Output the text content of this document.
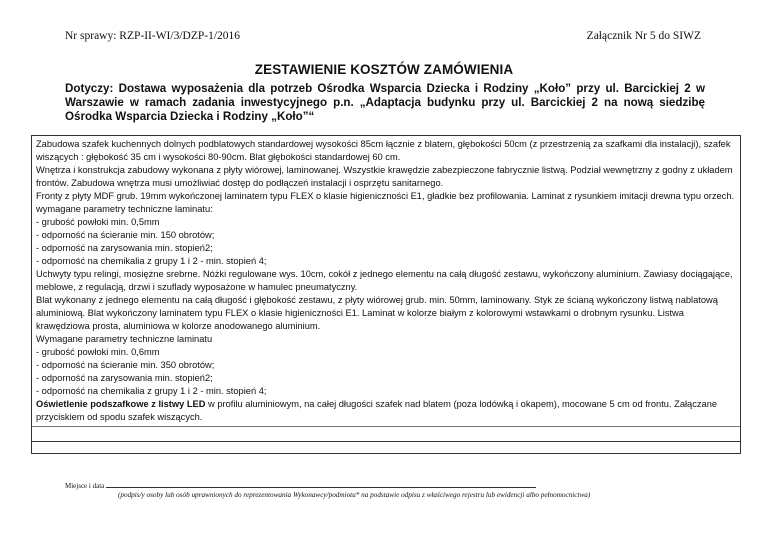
Nr sprawy: RZP-II-WI/3/DZP-1/2016	Załącznik Nr 5 do SIWZ
ZESTAWIENIE KOSZTÓW ZAMÓWIENIA
Dotyczy: Dostawa wyposażenia dla potrzeb Ośrodka Wsparcia Dziecka i Rodziny „Koło” przy ul. Barcickiej 2 w Warszawie w ramach zadania inwestycyjnego p.n. „Adaptacja budynku przy ul. Barcickiej 2 na nową siedzibę Ośrodka Wsparcia Dziecka i Rodziny „Koło”“
Zabudowa szafek kuchennych dolnych podblatowych standardowej wysokości 85cm łącznie z blatem, głębokości 50cm (z przestrzenią za szafkami dla instalacji), szafek wiszących : głębokość 35 cm i wysokości 80-90cm. Blat głębokości standardowej 60 cm.
Wnętrza i konstrukcja zabudowy wykonana z płyty wiórowej, laminowanej. Wszystkie krawędzie zabezpieczone fabrycznie listwą. Podział wewnętrzny z godny z układem frontów. Zabudowa wnętrza musi umożliwiać dostęp do podłączeń instalacji i osprzętu sanitarnego.
Fronty z płyty MDF grub. 19mm wykończonej laminatem typu FLEX o klasie higieniczności E1, gładkie bez profilowania. Laminat z rysunkiem imitacji drewna typu orzech.
wymagane parametry techniczne laminatu:
- grubość powłoki min. 0,5mm
- odporność na ścieranie min. 150 obrotów;
- odporność na zarysowania min. stopień2;
- odporność na chemikalia z grupy 1 i 2 - min. stopień 4;
Uchwyty typu relingi, mosiężne srebrne. Nóżki regulowane wys. 10cm, cokół z jednego elementu na całą długość zestawu, wykończony aluminium. Zawiasy dociągające, meblowe, z regulacją, drzwi i szuflady wyposażone w hamulec pneumatyczny.
Blat wykonany z jednego elementu na całą długość i głębokość zestawu, z płyty wiórowej grub. min. 50mm, laminowany. Styk ze ścianą wykończony listwą nablatową aluminiową. Blat wykończony laminatem typu FLEX o klasie higieniczności E1. Laminat w kolorze białym z kolorowymi wstawkami o drobnym rysunku. Listwa krawędziowa prosta, aluminiowa w kolorze anodowanego aluminium.
Wymagane parametry techniczne laminatu
- grubość powłoki min. 0,6mm
- odporność na ścieranie min. 350 obrotów;
- odporność na zarysowania min. stopień2;
- odporność na chemikalia z grupy 1 i 2 - min. stopień 4;
Oświetlenie podszafkowe z listwy LED w profilu aluminiowym, na całej długości szafek nad blatem (poza lodówką i okapem), mocowane 5 cm od frontu. Załączane przyciskiem od spodu szafek wiszących.
Miejsce i data
(podpis/y osoby lub osób uprawnionych do reprezentowania Wykonawcy/podmiotu* na podstawie odpisu z właściwego rejestru lub ewidencji albo pełnomocnictwa)
